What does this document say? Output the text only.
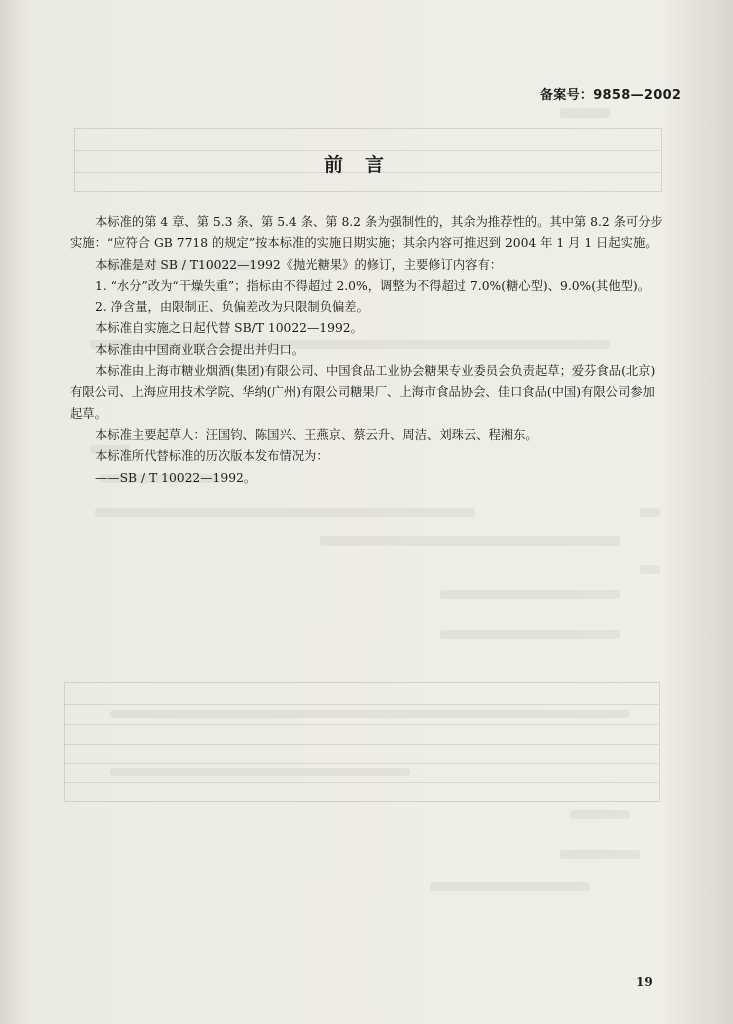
备案号：9858—2002
前言

本标准的第 4 章、第 5.3 条、第 5.4 条、第 8.2 条为强制性的，其余为推荐性的。其中第 8.2 条可分步实施：“应符合 GB 7718 的规定”按本标准的实施日期实施；其余内容可推迟到 2004 年 1 月 1 日起实施。

本标准是对 SB / T10022—1992《抛光糖果》的修订，主要修订内容有：

1. “水分”改为“干燥失重”；指标由不得超过 2.0%，调整为不得超过 7.0%(糖心型)、9.0%(其他型)。

2. 净含量，由限制正、负偏差改为只限制负偏差。

本标准自实施之日起代替 SB/T 10022—1992。

本标准由中国商业联合会提出并归口。

本标准由上海市糖业烟酒(集团)有限公司、中国食品工业协会糖果专业委员会负责起草；爱芬食品(北京)有限公司、上海应用技术学院、华纳(广州)有限公司糖果厂、上海市食品协会、佳口食品(中国)有限公司参加起草。

本标准主要起草人：汪国钧、陈国兴、王燕京、蔡云升、周洁、刘珠云、程湘东。

本标准所代替标准的历次版本发布情况为：

——SB / T 10022—1992。

19
